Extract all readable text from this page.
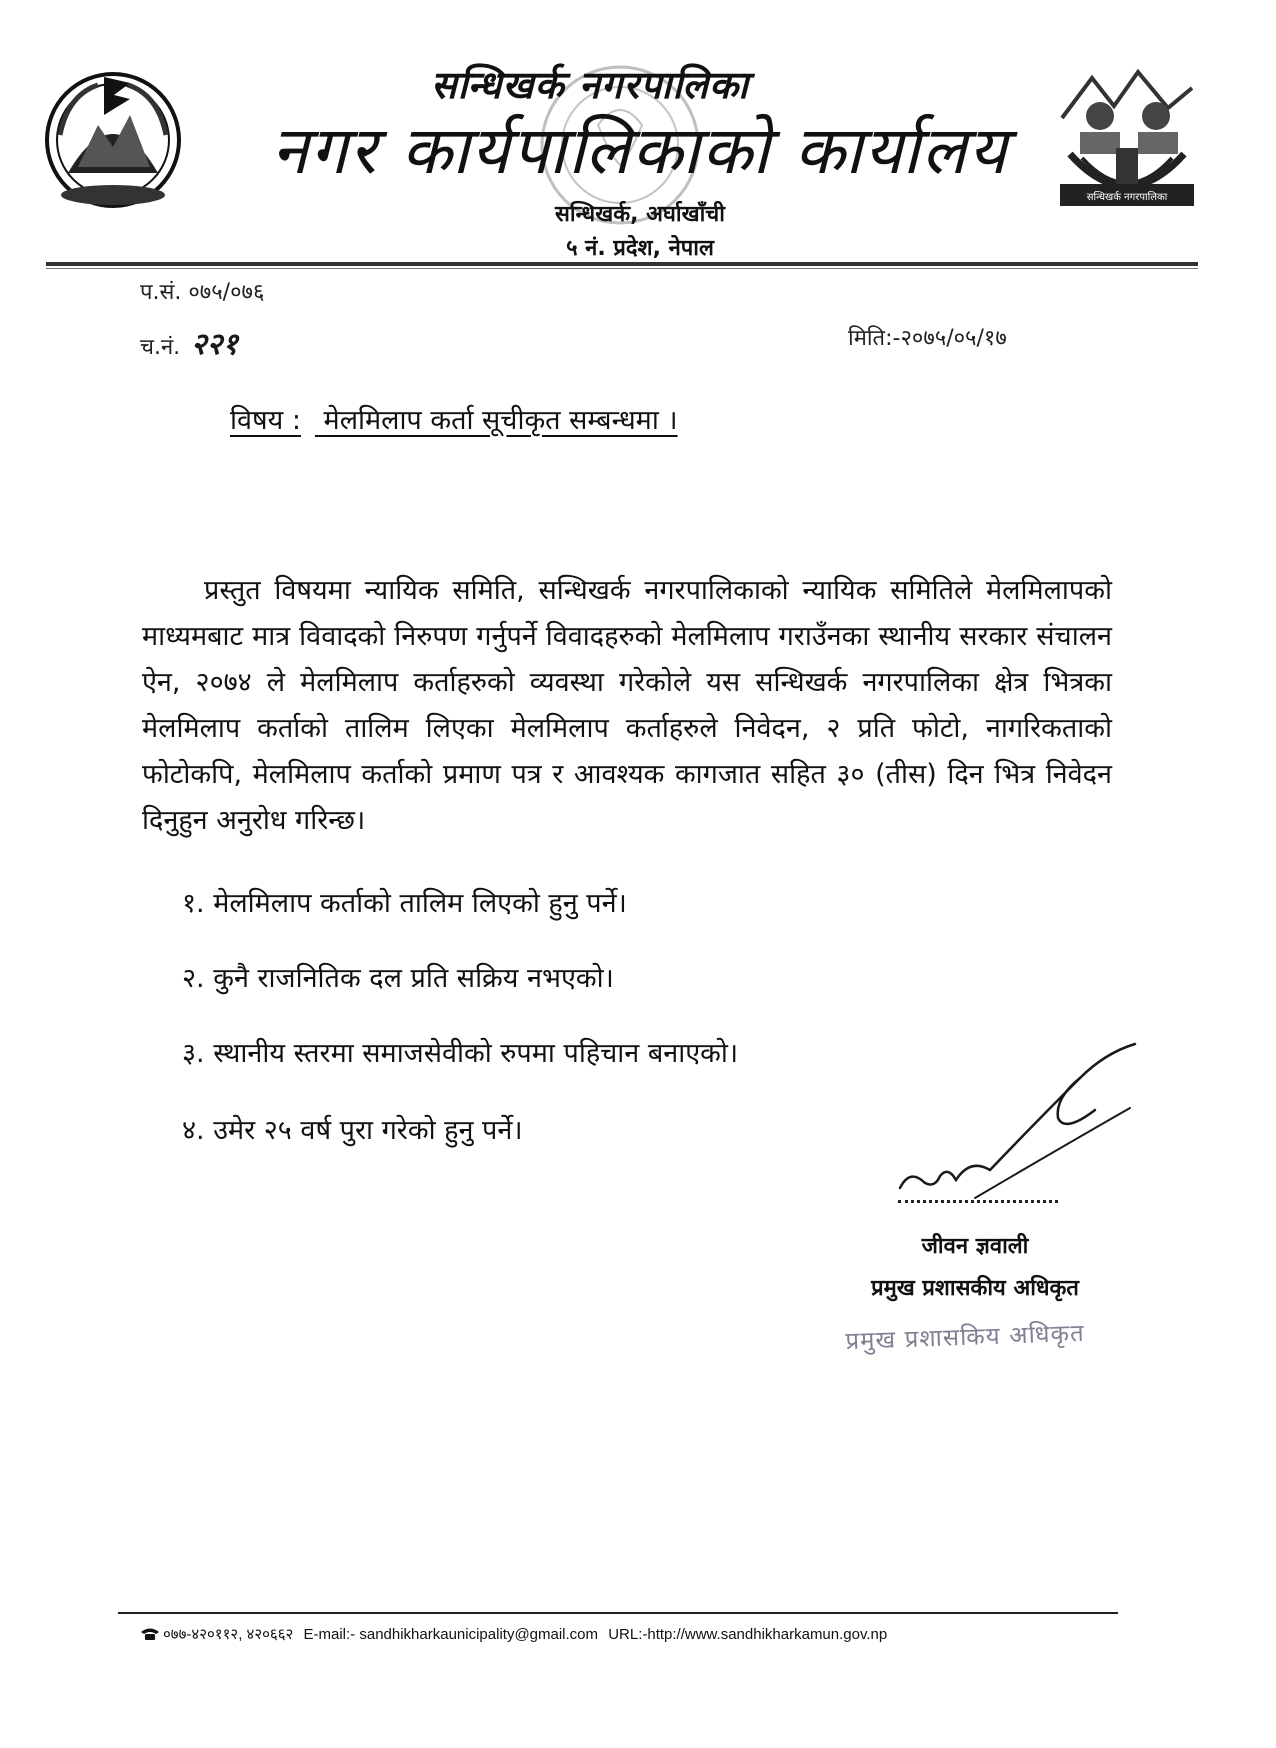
सन्धिखर्क नगरपालिका
नगर कार्यपालिकाको कार्यालय
सन्धिखर्क, अर्घाखाँची
५ नं. प्रदेश, नेपाल
सन्धिखर्क नगरपालिका
प.सं. ०७५/०७६
च.नं. २२१	मिति:-२०७५/०५/१७
विषय : मेलमिलाप कर्ता सूचीकृत सम्बन्धमा ।

प्रस्तुत विषयमा न्यायिक समिति, सन्धिखर्क नगरपालिकाको न्यायिक समितिले मेलमिलापको माध्यमबाट मात्र विवादको निरुपण गर्नुपर्ने विवादहरुको मेलमिलाप गराउँनका स्थानीय सरकार संचालन ऐन, २०७४ ले मेलमिलाप कर्ताहरुको व्यवस्था गरेकोले यस सन्धिखर्क नगरपालिका क्षेत्र भित्रका मेलमिलाप कर्ताको तालिम लिएका मेलमिलाप कर्ताहरुले निवेदन, २ प्रति फोटो, नागरिकताको फोटोकपि, मेलमिलाप कर्ताको प्रमाण पत्र र आवश्यक कागजात सहित ३० (तीस) दिन भित्र निवेदन दिनुहुन अनुरोध गरिन्छ।

१. मेलमिलाप कर्ताको तालिम लिएको हुनु पर्ने।
२. कुनै राजनितिक दल प्रति सक्रिय नभएको।
३. स्थानीय स्तरमा समाजसेवीको रुपमा पहिचान बनाएको।
४. उमेर २५ वर्ष पुरा गरेको हुनु पर्ने।
जीवन ज्ञवाली
प्रमुख प्रशासकीय अधिकृत
प्रमुख प्रशासकिय अधिकृत
०७७-४२०११२, ४२०६६२ E-mail:- sandhikharkaunicipality@gmail.com URL:-http://www.sandhikharkamun.gov.np
